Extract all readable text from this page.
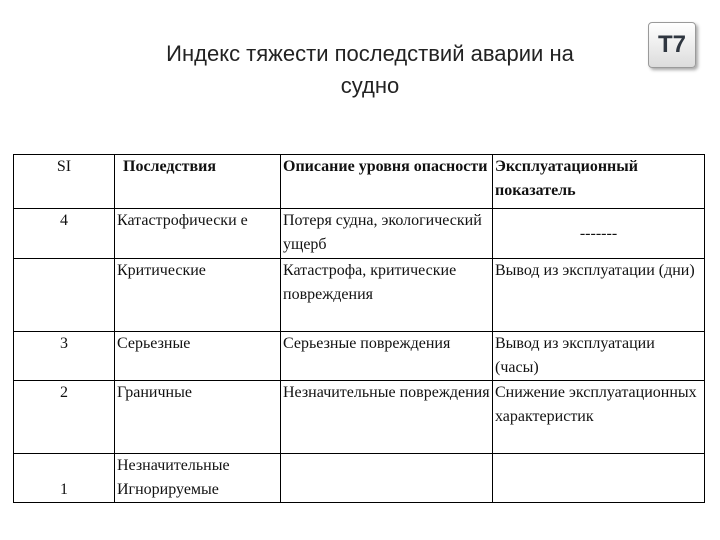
Индекс тяжести последствий аварии на
судно
T7
SI	Последствия	Описание уровня опасности	Эксплуатационный показатель
4	Катастрофически е	Потеря судна, экологический ущерб	-------
	Критические	Катастрофа, критические повреждения	Вывод из эксплуатации (дни)
3	Серьезные	Серьезные повреждения	Вывод из эксплуатации (часы)
2	Граничные	Незначительные повреждения	Снижение эксплуатационных характеристик
1	Незначительные Игнорируемые		
